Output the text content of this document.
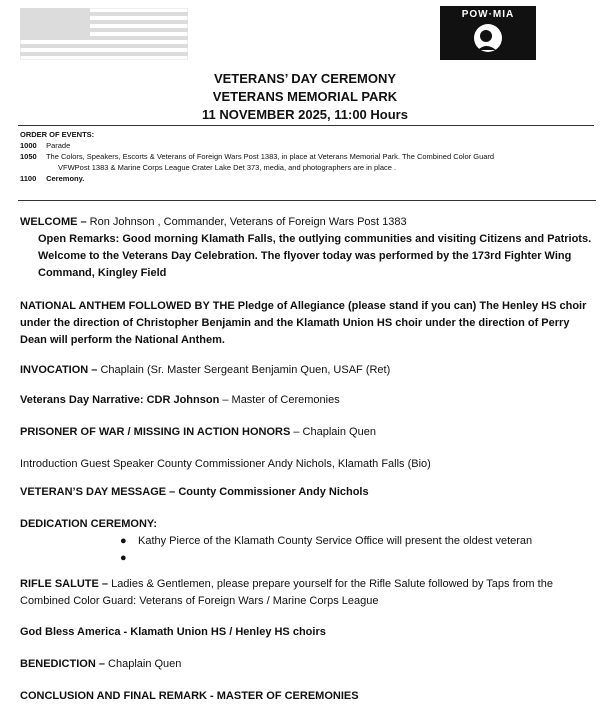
POW·MIA
VETERANS’ DAY CEREMONY
VETERANS MEMORIAL PARK
11 NOVEMBER 2025, 11:00 Hours
ORDER OF EVENTS:
1000 Parade
1050 The Colors, Speakers, Escorts & Veterans of Foreign Wars Post 1383, in place at Veterans Memorial Park. The Combined Color Guard
VFWPost 1383 & Marine Corps League Crater Lake Det 373, media, and photographers are in place .
1100 Ceremony.
WELCOME – Ron Johnson , Commander, Veterans of Foreign Wars Post 1383
Open Remarks: Good morning Klamath Falls, the outlying communities and visiting Citizens and Patriots. Welcome to the Veterans Day Celebration. The flyover today was performed by the 173rd Fighter Wing Command, Kingley Field
NATIONAL ANTHEM FOLLOWED BY THE Pledge of Allegiance (please stand if you can) The Henley HS choir under the direction of Christopher Benjamin and the Klamath Union HS choir under the direction of Perry Dean will perform the National Anthem.
INVOCATION – Chaplain (Sr. Master Sergeant Benjamin Quen, USAF (Ret)
Veterans Day Narrative: CDR Johnson – Master of Ceremonies
PRISONER OF WAR / MISSING IN ACTION HONORS – Chaplain Quen
Introduction Guest Speaker County Commissioner Andy Nichols, Klamath Falls (Bio)
VETERAN’S DAY MESSAGE – County Commissioner Andy Nichols
DEDICATION CEREMONY:
● Kathy Pierce of the Klamath County Service Office will present the oldest veteran
●
RIFLE SALUTE – Ladies & Gentlemen, please prepare yourself for the Rifle Salute followed by Taps from the Combined Color Guard: Veterans of Foreign Wars / Marine Corps League
God Bless America - Klamath Union HS / Henley HS choirs
BENEDICTION – Chaplain Quen
CONCLUSION AND FINAL REMARK - MASTER OF CEREMONIES
